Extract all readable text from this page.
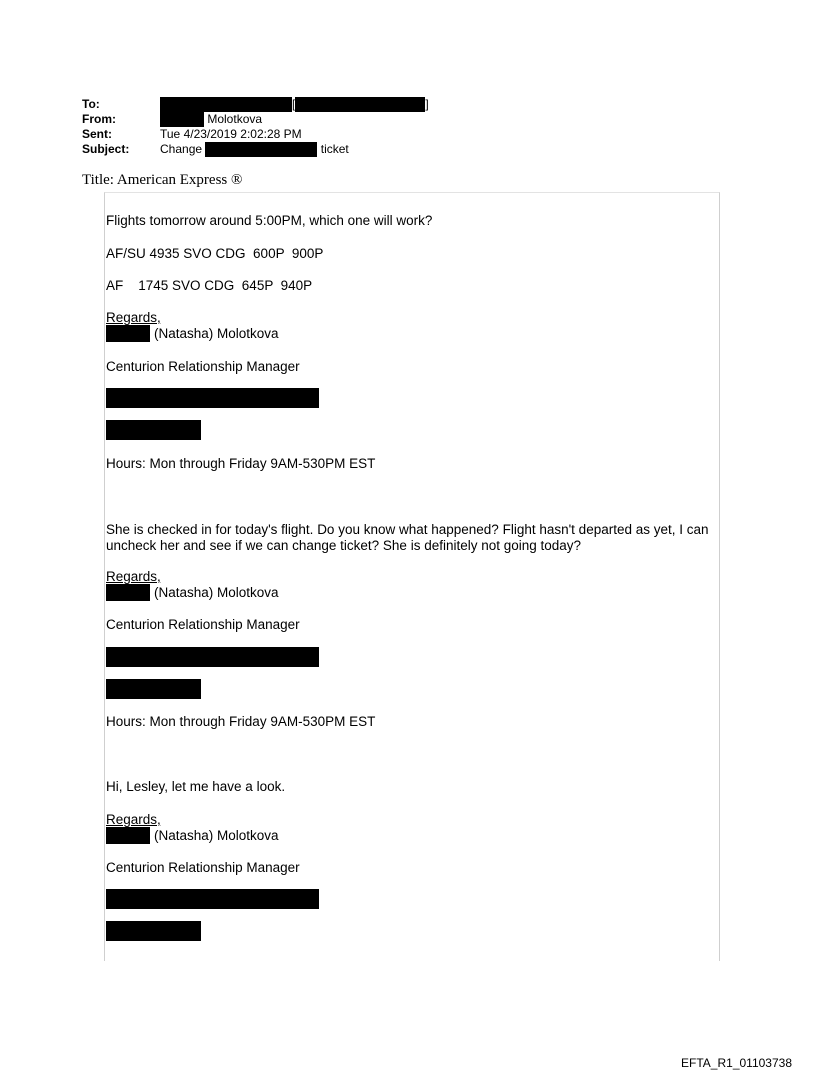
To:	[	]
From:	Molotkova
Sent:	Tue 4/23/2019 2:02:28 PM
Subject:	Change	ticket
Title: American Express ®
Flights tomorrow around 5:00PM, which one will work?
AF/SU 4935 SVO CDG  600P  900P
AF    1745 SVO CDG  645P  940P
Regards,
(Natasha) Molotkova
Centurion Relationship Manager
Hours: Mon through Friday 9AM-530PM EST
She is checked in for today's flight. Do you know what happened? Flight hasn't departed as yet, I can uncheck her and see if we can change ticket? She is definitely not going today?
Regards,
(Natasha) Molotkova
Centurion Relationship Manager
Hours: Mon through Friday 9AM-530PM EST
Hi, Lesley, let me have a look.
Regards,
(Natasha) Molotkova
Centurion Relationship Manager
EFTA_R1_01103738
